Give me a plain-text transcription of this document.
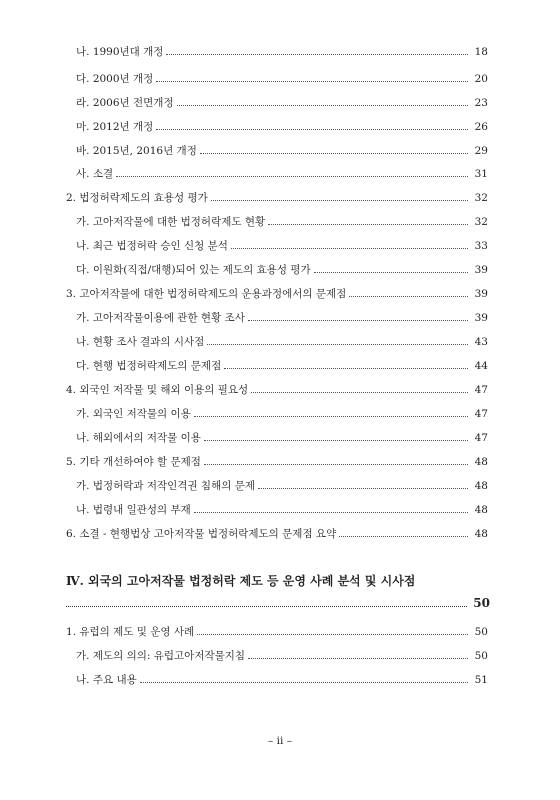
나. 1990년대 개정	18
다. 2000년 개정	20
라. 2006년 전면개정	23
마. 2012년 개정	26
바. 2015년, 2016년 개정	29
사. 소결	31
2. 법정허락제도의 효용성 평가	32
가. 고아저작물에 대한 법정허락제도 현황	32
나. 최근 법정허락 승인 신청 분석	33
다. 이원화(직접/대행)되어 있는 제도의 효용성 평가	39
3. 고아저작물에 대한 법정허락제도의 운용과정에서의 문제점	39
가. 고아저작물이용에 관한 현황 조사	39
나. 현황 조사 결과의 시사점	43
다. 현행 법정허락제도의 문제점	44
4. 외국인 저작물 및 해외 이용의 필요성	47
가. 외국인 저작물의 이용	47
나. 해외에서의 저작물 이용	47
5. 기타 개선하여야 할 문제점	48
가. 법정허락과 저작인격권 침해의 문제	48
나. 법령내 일관성의 부재	48
6. 소결 - 현행법상 고아저작물 법정허락제도의 문제점 요약	48
Ⅳ. 외국의 고아저작물 법정허락 제도 등 운영 사례 분석 및 시사점
50
1. 유럽의 제도 및 운영 사례	50
가. 제도의 의의: 유럽고아저작물지침	50
나. 주요 내용	51
– ii –
